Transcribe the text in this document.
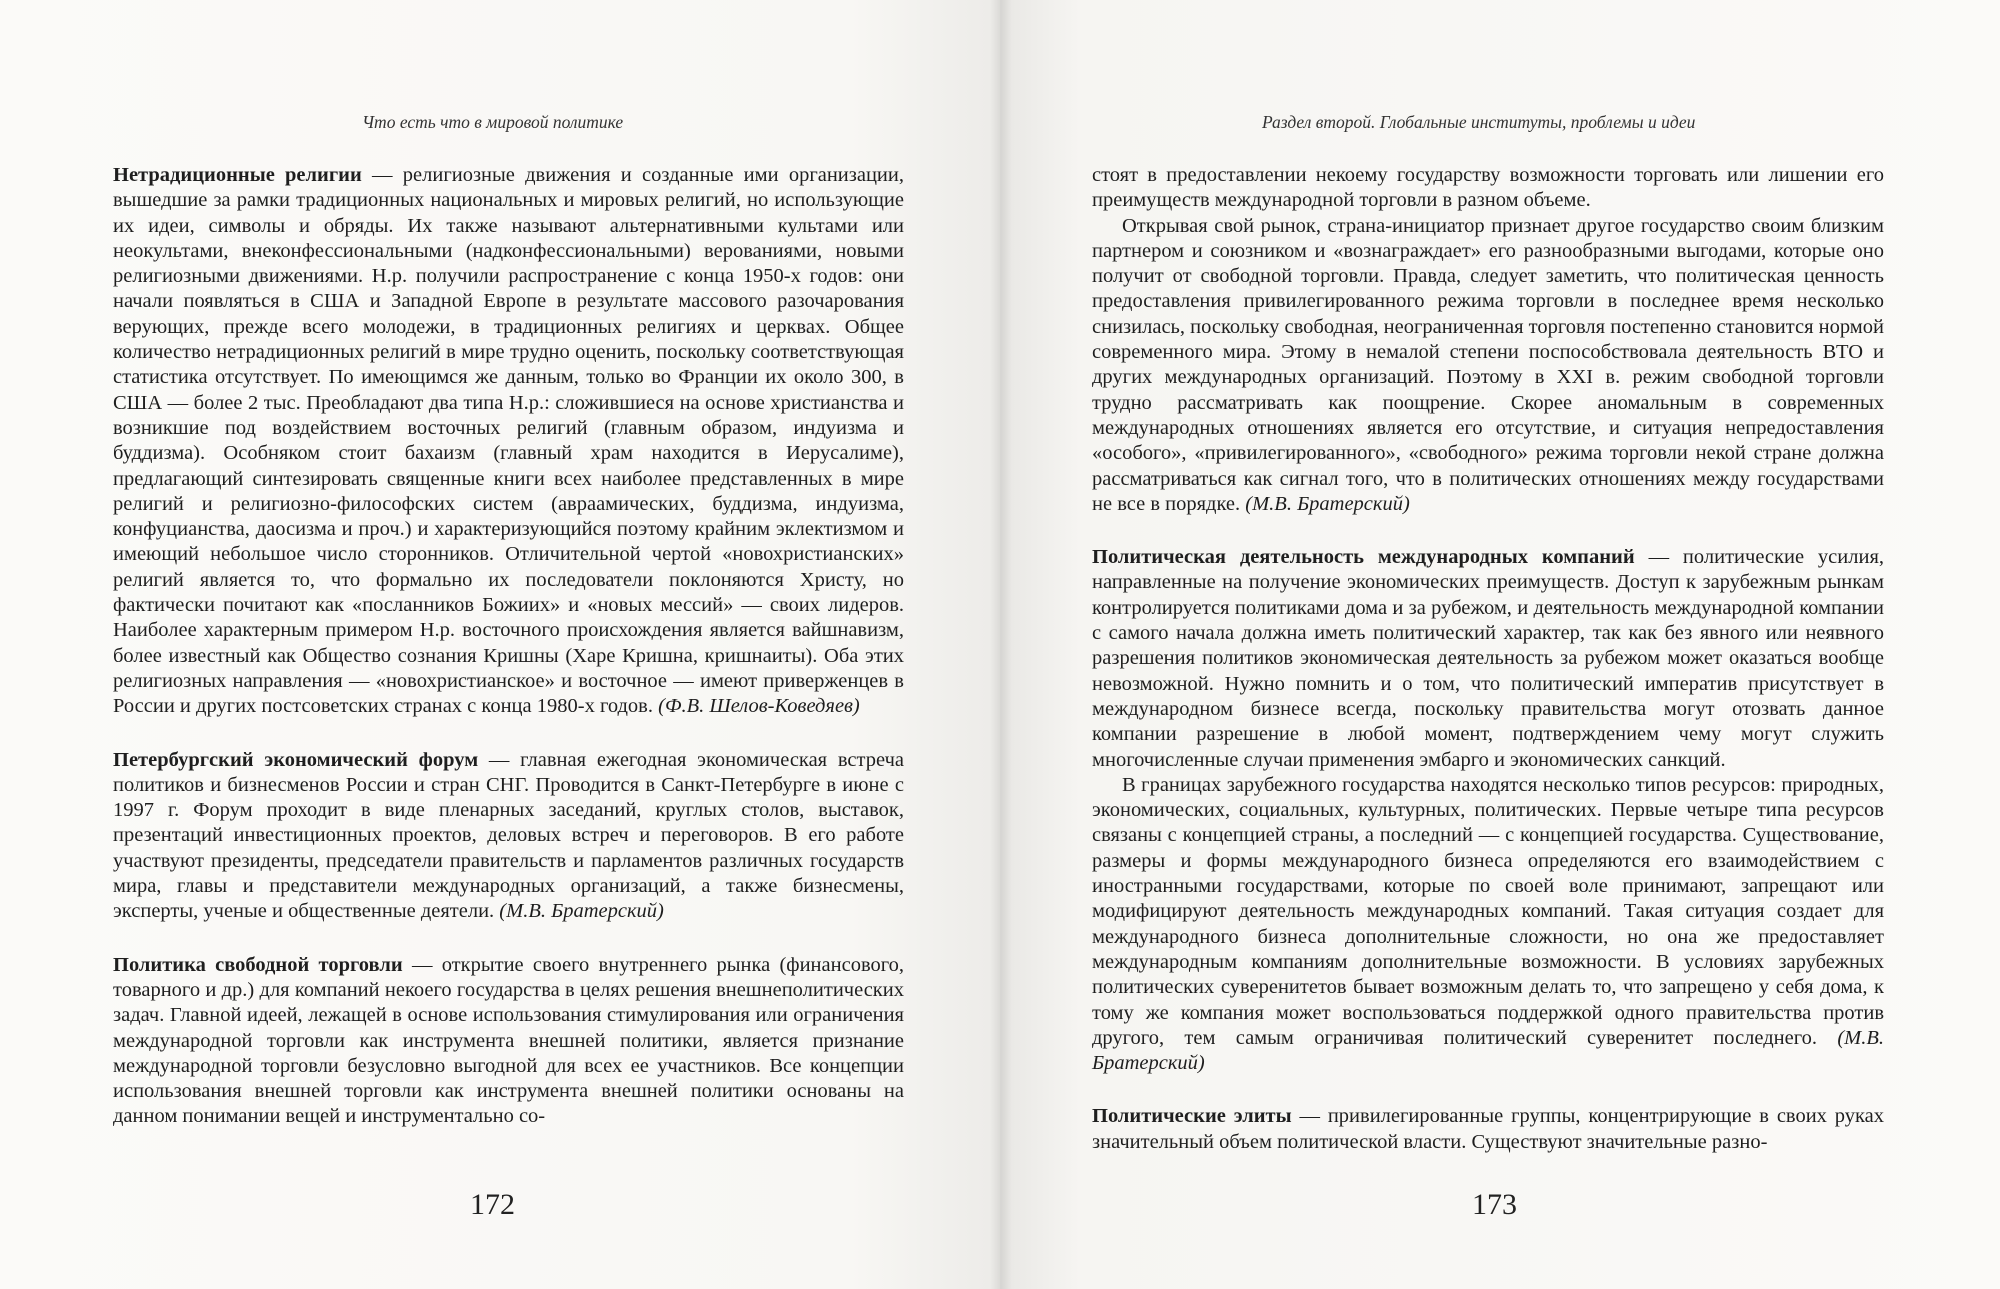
Что есть что в мировой политике

Нетрадиционные религии — религиозные движения и созданные ими организации, вышедшие за рамки традиционных национальных и мировых религий, но использующие их идеи, символы и обряды. Их также называют альтернативными культами или неокультами, внеконфессиональными (надконфессиональными) верованиями, новыми религиозными движениями. Н.р. получили распространение с конца 1950-х годов: они начали появляться в США и Западной Европе в результате массового разочарования верующих, прежде всего молодежи, в традиционных религиях и церквах. Общее количество нетрадиционных религий в мире трудно оценить, поскольку соответствующая статистика отсутствует. По имеющимся же данным, только во Франции их около 300, в США — более 2 тыс. Преобладают два типа Н.р.: сложившиеся на основе христианства и возникшие под воздействием восточных религий (главным образом, индуизма и буддизма). Особняком стоит бахаизм (главный храм находится в Иерусалиме), предлагающий синтезировать священные книги всех наиболее представленных в мире религий и религиозно-философских систем (авраамических, буддизма, индуизма, конфуцианства, даосизма и проч.) и характеризующийся поэтому крайним эклектизмом и имеющий небольшое число сторонников. Отличительной чертой «новохристианских» религий является то, что формально их последователи поклоняются Христу, но фактически почитают как «посланников Божиих» и «новых мессий» — своих лидеров. Наиболее характерным примером Н.р. восточного происхождения является вайшнавизм, более известный как Общество сознания Кришны (Харе Кришна, кришнаиты). Оба этих религиозных направления — «новохристианское» и восточное — имеют приверженцев в России и других постсоветских странах с конца 1980-х годов. (Ф.В. Шелов-Коведяев)

Петербургский экономический форум — главная ежегодная экономическая встреча политиков и бизнесменов России и стран СНГ. Проводится в Санкт-Петербурге в июне с 1997 г. Форум проходит в виде пленарных заседаний, круглых столов, выставок, презентаций инвестиционных проектов, деловых встреч и переговоров. В его работе участвуют президенты, председатели правительств и парламентов различных государств мира, главы и представители международных организаций, а также бизнесмены, эксперты, ученые и общественные деятели. (М.В. Братерский)

Политика свободной торговли — открытие своего внутреннего рынка (финансового, товарного и др.) для компаний некоего государства в целях решения внешнеполитических задач. Главной идеей, лежащей в основе использования стимулирования или ограничения международной торговли как инструмента внешней политики, является признание международной торговли безусловно выгодной для всех ее участников. Все концепции использования внешней торговли как инструмента внешней политики основаны на данном понимании вещей и инструментально со-

172
Раздел второй. Глобальные институты, проблемы и идеи

стоят в предоставлении некоему государству возможности торговать или лишении его преимуществ международной торговли в разном объеме.

Открывая свой рынок, страна-инициатор признает другое государство своим близким партнером и союзником и «вознаграждает» его разнообразными выгодами, которые оно получит от свободной торговли. Правда, следует заметить, что политическая ценность предоставления привилегированного режима торговли в последнее время несколько снизилась, поскольку свободная, неограниченная торговля постепенно становится нормой современного мира. Этому в немалой степени поспособствовала деятельность ВТО и других международных организаций. Поэтому в XXI в. режим свободной торговли трудно рассматривать как поощрение. Скорее аномальным в современных международных отношениях является его отсутствие, и ситуация непредоставления «особого», «привилегированного», «свободного» режима торговли некой стране должна рассматриваться как сигнал того, что в политических отношениях между государствами не все в порядке. (М.В. Братерский)

Политическая деятельность международных компаний — политические усилия, направленные на получение экономических преимуществ. Доступ к зарубежным рынкам контролируется политиками дома и за рубежом, и деятельность международной компании с самого начала должна иметь политический характер, так как без явного или неявного разрешения политиков экономическая деятельность за рубежом может оказаться вообще невозможной. Нужно помнить и о том, что политический императив присутствует в международном бизнесе всегда, поскольку правительства могут отозвать данное компании разрешение в любой момент, подтверждением чему могут служить многочисленные случаи применения эмбарго и экономических санкций.

В границах зарубежного государства находятся несколько типов ресурсов: природных, экономических, социальных, культурных, политических. Первые четыре типа ресурсов связаны с концепцией страны, а последний — с концепцией государства. Существование, размеры и формы международного бизнеса определяются его взаимодействием с иностранными государствами, которые по своей воле принимают, запрещают или модифицируют деятельность международных компаний. Такая ситуация создает для международного бизнеса дополнительные сложности, но она же предоставляет международным компаниям дополнительные возможности. В условиях зарубежных политических суверенитетов бывает возможным делать то, что запрещено у себя дома, к тому же компания может воспользоваться поддержкой одного правительства против другого, тем самым ограничивая политический суверенитет последнего. (М.В. Братерский)

Политические элиты — привилегированные группы, концентрирующие в своих руках значительный объем политической власти. Существуют значительные разно-

173
